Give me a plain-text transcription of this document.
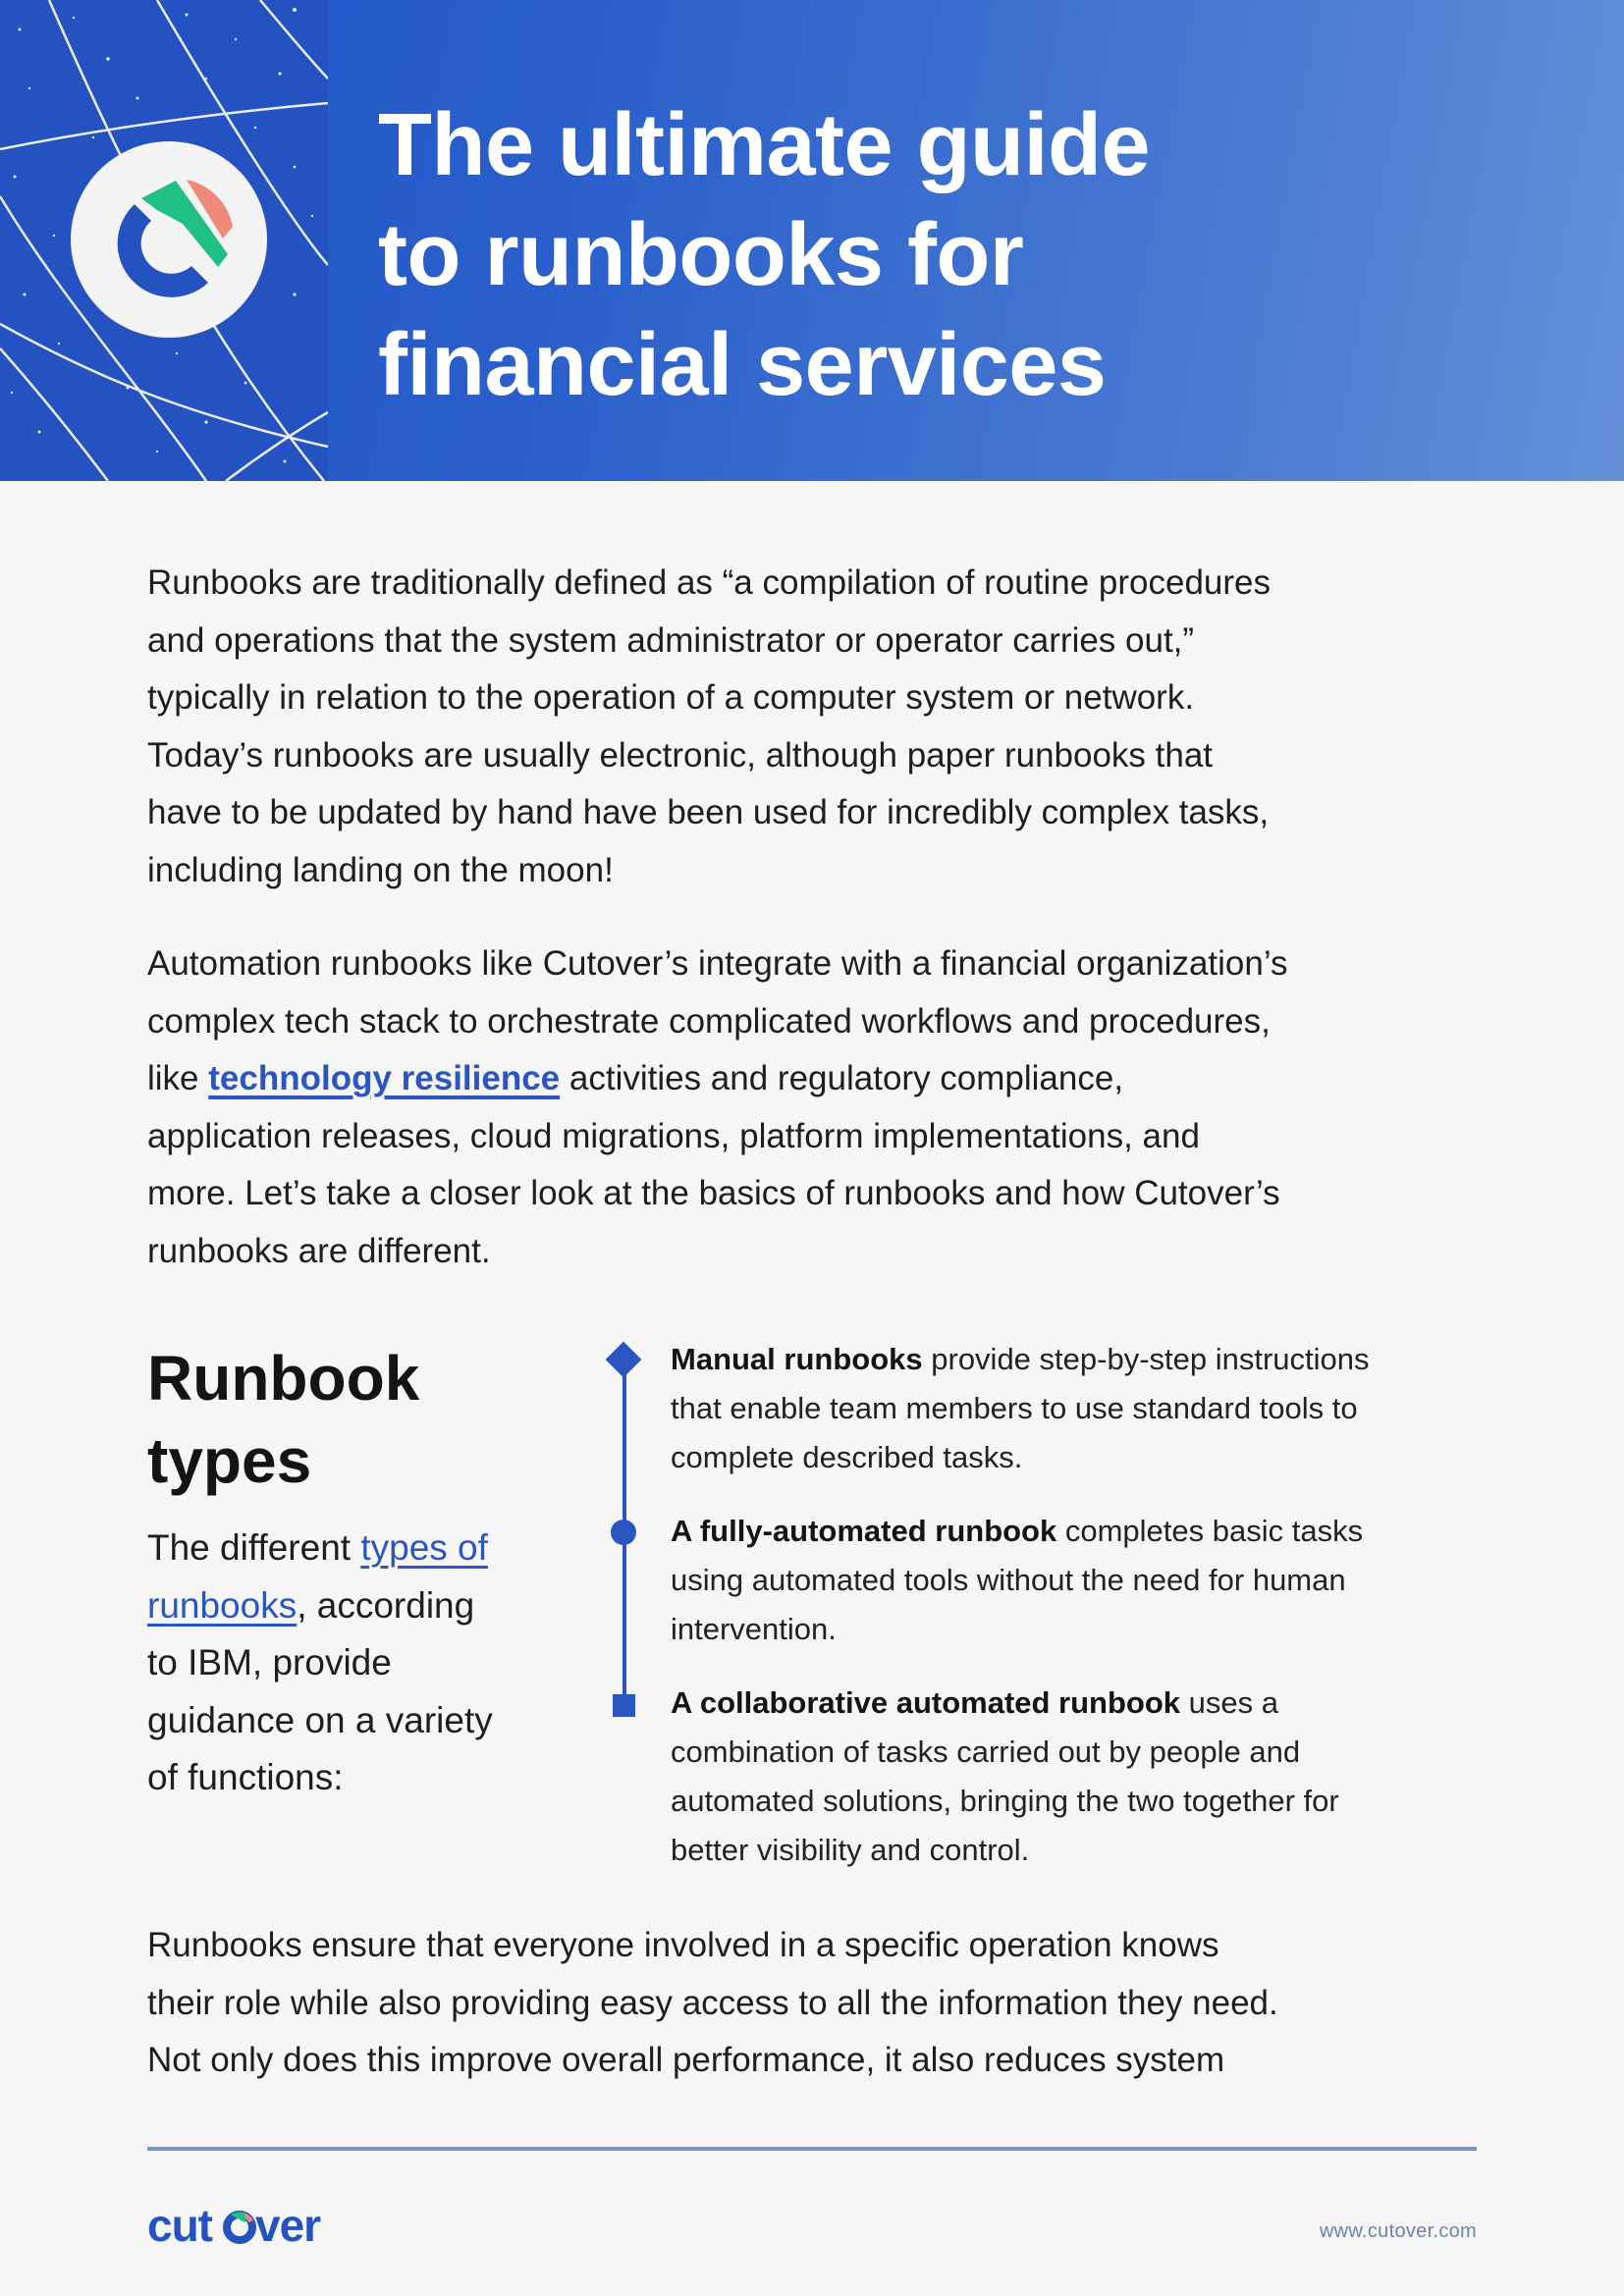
The ultimate guide
to runbooks for
financial services

Runbooks are traditionally defined as “a compilation of routine procedures
and operations that the system administrator or operator carries out,”
typically in relation to the operation of a computer system or network.
Today’s runbooks are usually electronic, although paper runbooks that
have to be updated by hand have been used for incredibly complex tasks,
including landing on the moon!

Automation runbooks like Cutover’s integrate with a financial organization’s
complex tech stack to orchestrate complicated workflows and procedures,
like technology resilience activities and regulatory compliance,
application releases, cloud migrations, platform implementations, and
more. Let’s take a closer look at the basics of runbooks and how Cutover’s
runbooks are different.

Runbook
types

The different types of
runbooks, according
to IBM, provide
guidance on a variety
of functions:

Manual runbooks provide step-by-step instructions
that enable team members to use standard tools to
complete described tasks.

A fully-automated runbook completes basic tasks
using automated tools without the need for human
intervention.

A collaborative automated runbook uses a
combination of tasks carried out by people and
automated solutions, bringing the two together for
better visibility and control.

Runbooks ensure that everyone involved in a specific operation knows
their role while also providing easy access to all the information they need.
Not only does this improve overall performance, it also reduces system

cut ver	www.cutover.com
